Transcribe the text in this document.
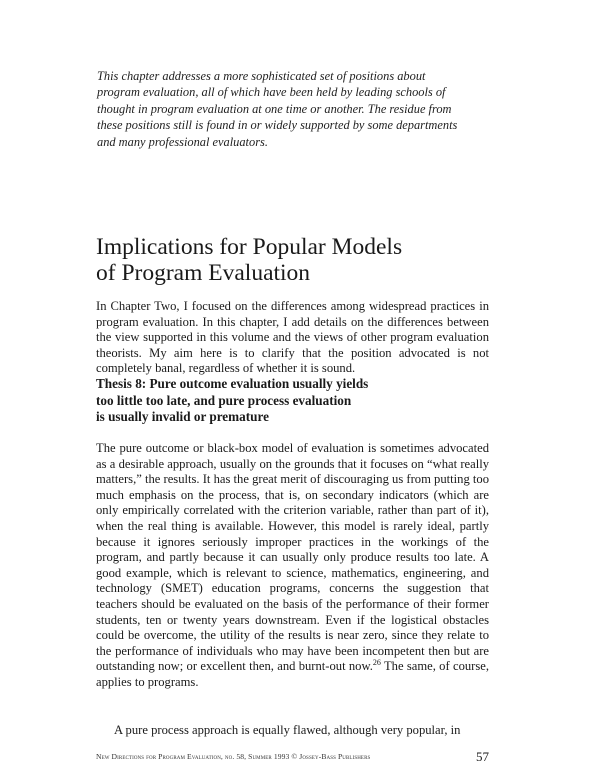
This chapter addresses a more sophisticated set of positions about program evaluation, all of which have been held by leading schools of thought in program evaluation at one time or another. The residue from these positions still is found in or widely supported by some departments and many professional evaluators.
Implications for Popular Models
of Program Evaluation

In Chapter Two, I focused on the differences among widespread practices in program evaluation. In this chapter, I add details on the differences between the view supported in this volume and the views of other program evaluation theorists. My aim here is to clarify that the position advocated is not completely banal, regardless of whether it is sound.

Thesis 8: Pure outcome evaluation usually yields
too little too late, and pure process evaluation
is usually invalid or premature

The pure outcome or black-box model of evaluation is sometimes advocated as a desirable approach, usually on the grounds that it focuses on “what really matters,” the results. It has the great merit of discouraging us from putting too much emphasis on the process, that is, on secondary indicators (which are only empirically correlated with the criterion variable, rather than part of it), when the real thing is available. However, this model is rarely ideal, partly because it ignores seriously improper practices in the workings of the program, and partly because it can usually only produce results too late. A good example, which is relevant to science, mathematics, engineering, and technology (SMET) education programs, concerns the suggestion that teachers should be evaluated on the basis of the performance of their former students, ten or twenty years downstream. Even if the logistical obstacles could be overcome, the utility of the results is near zero, since they relate to the performance of individuals who may have been incompetent then but are outstanding now; or excellent then, and burnt-out now.$^{26}$ The same, of course, applies to programs.

A pure process approach is equally flawed, although very popular, in

New Directions for Program Evaluation, no. 58, Summer 1993 © Jossey-Bass Publishers	57
